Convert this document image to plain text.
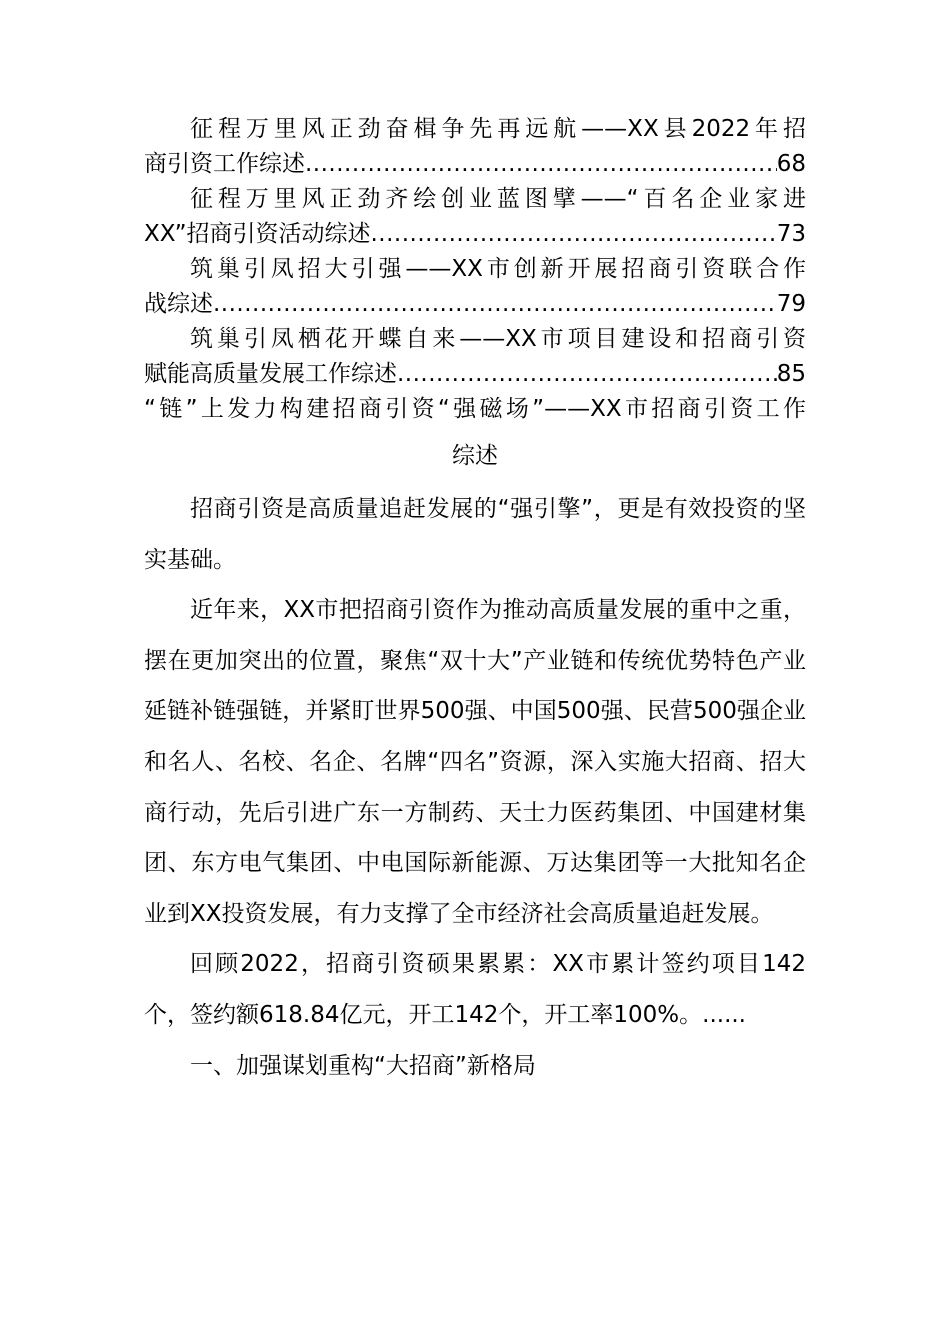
征程万里风正劲奋楫争先再远航——XX县2022年招
商引资工作综述 .....	68
征程万里风正劲齐绘创业蓝图擘——“百名企业家进
XX”招商引资活动综述 .....	73
筑巢引凤招大引强——XX市创新开展招商引资联合作
战综述 .....	79
筑巢引凤栖花开蝶自来——XX市项目建设和招商引资
赋能高质量发展工作综述 .....	85
“链”上发力构建招商引资“强磁场”——XX市招商引资工作
综述

招商引资是高质量追赶发展的“强引擎”，更是有效投资的坚实基础。

近年来，XX市把招商引资作为推动高质量发展的重中之重，摆在更加突出的位置，聚焦“双十大”产业链和传统优势特色产业延链补链强链，并紧盯世界500强、中国500强、民营500强企业和名人、名校、名企、名牌“四名”资源，深入实施大招商、招大商行动，先后引进广东一方制药、天士力医药集团、中国建材集团、东方电气集团、中电国际新能源、万达集团等一大批知名企业到XX投资发展，有力支撑了全市经济社会高质量追赶发展。

回顾2022，招商引资硕果累累：XX市累计签约项目142个，签约额618.84亿元，开工142个，开工率100%。......

一、加强谋划重构“大招商”新格局
